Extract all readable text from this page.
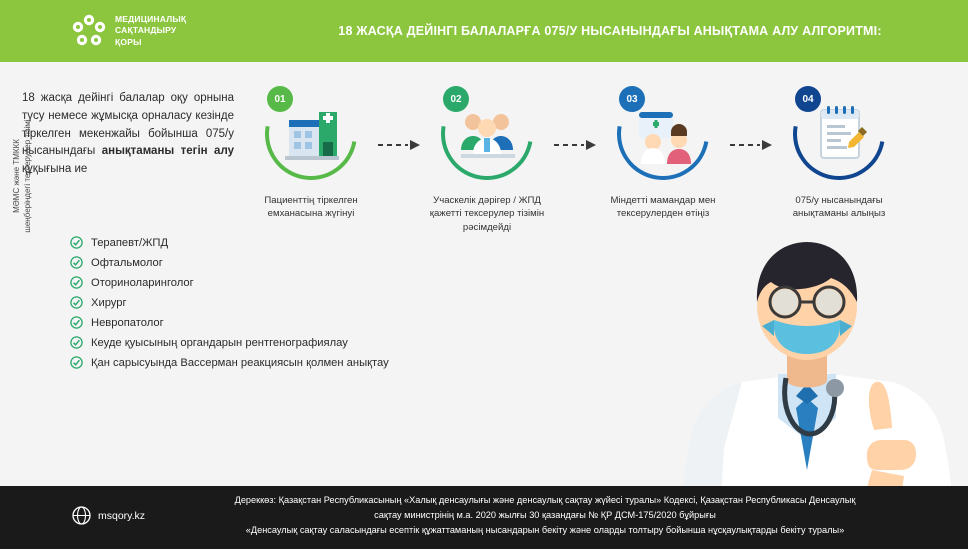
МЕДИЦИНАЛЫҚ
САҚТАНДЫРУ
ҚОРЫ
18 ЖАСҚА ДЕЙІНГІ БАЛАЛАРҒА 075/У НЫСАНЫНДАҒЫ АНЫҚТАМА АЛУ АЛГОРИТМІ:
18 жасқа дейінгі балалар оқу орнына түсу немесе жұмысқа орналасу кезінде тіркелген мекенжайы бойынша 075/у нысанындағы анықтаманы тегін алу құқығына ие
01
Пациенттің тіркелген емханасына жүгінуі
02
Учаскелік дәрігер / ЖПД қажетті тексерулер тізімін рәсімдейді
03
Міндетті мамандар мен тексерулерден өтіңіз
04
075/у нысанындағы анықтаманы алыңыз
МӘМС және ТМККК шеңберіндегі тексерулер тізімі
Терапевт/ЖПД
Офтальмолог
Оториноларинголог
Хирург
Невропатолог
Кеуде қуысының органдарын рентгенографиялау
Қан сарысуында Вассерман реакциясын қолмен анықтау
msqory.kz
Дереккөз: Қазақстан Республикасының «Халық денсаулығы және денсаулық сақтау жүйесі туралы» Кодексі, Қазақстан Республикасы Денсаулық
сақтау министрінің м.а. 2020 жылғы 30 қазандағы № ҚР ДСМ-175/2020 бұйрығы
«Денсаулық сақтау саласындағы есептік құжаттаманың нысандарын бекіту және оларды толтыру бойынша нұсқаулықтарды бекіту туралы»
